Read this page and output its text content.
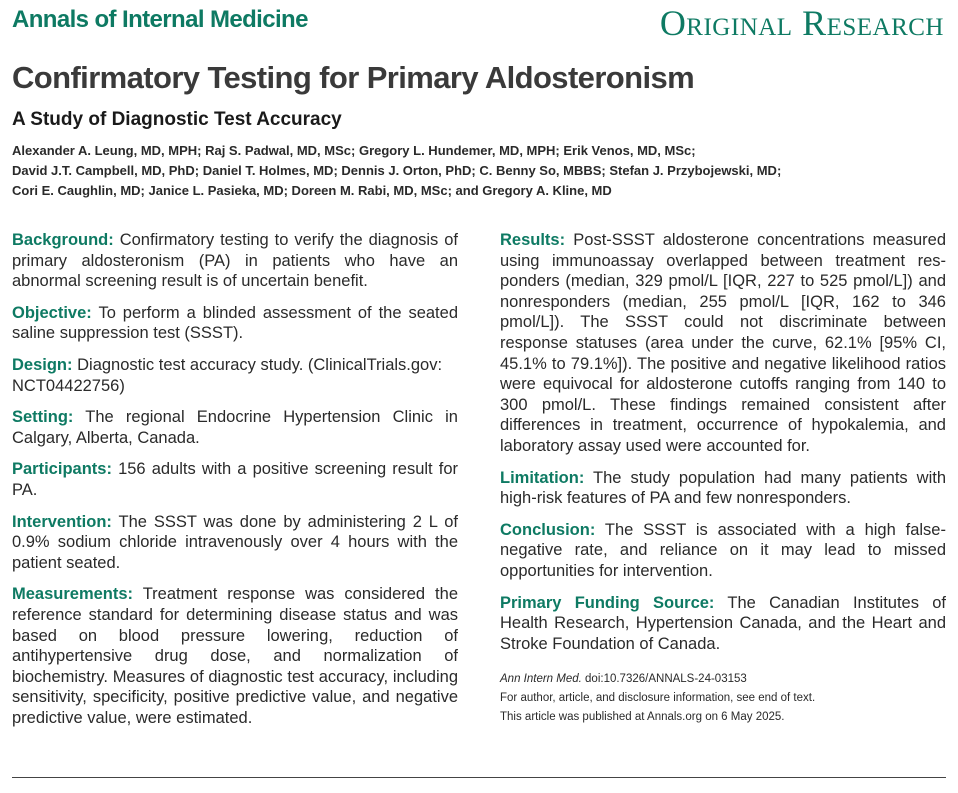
Annals of Internal Medicine	Original Research
Confirmatory Testing for Primary Aldosteronism
A Study of Diagnostic Test Accuracy
Alexander A. Leung, MD, MPH; Raj S. Padwal, MD, MSc; Gregory L. Hundemer, MD, MPH; Erik Venos, MD, MSc;
David J.T. Campbell, MD, PhD; Daniel T. Holmes, MD; Dennis J. Orton, PhD; C. Benny So, MBBS; Stefan J. Przybojewski, MD;
Cori E. Caughlin, MD; Janice L. Pasieka, MD; Doreen M. Rabi, MD, MSc; and Gregory A. Kline, MD

Background: Confirmatory testing to verify the diagnosis of primary aldosteronism (PA) in patients who have an abnormal screening result is of uncertain benefit.

Objective: To perform a blinded assessment of the seated saline suppression test (SSST).

Design: Diagnostic test accuracy study. (ClinicalTrials.gov: NCT04422756)

Setting: The regional Endocrine Hypertension Clinic in Calgary, Alberta, Canada.

Participants: 156 adults with a positive screening result for PA.

Intervention: The SSST was done by administering 2 L of 0.9% sodium chloride intravenously over 4 hours with the patient seated.

Measurements: Treatment response was considered the reference standard for determining disease status and was based on blood pressure lowering, reduction of antihypertensive drug dose, and normalization of biochemistry. Measures of diagnostic test accuracy, including sensitivity, specificity, positive predictive value, and negative predictive value, were estimated.

Results: Post-SSST aldosterone concentrations measured using immunoassay overlapped between treatment responders (median, 329 pmol/L [IQR, 227 to 525 pmol/L]) and nonresponders (median, 255 pmol/L [IQR, 162 to 346 pmol/L]). The SSST could not discriminate between response statuses (area under the curve, 62.1% [95% CI, 45.1% to 79.1%]). The positive and negative likelihood ratios were equivocal for aldosterone cutoffs ranging from 140 to 300 pmol/L. These findings remained consistent after differences in treatment, occurrence of hypokalemia, and laboratory assay used were accounted for.

Limitation: The study population had many patients with high-risk features of PA and few nonresponders.

Conclusion: The SSST is associated with a high false-negative rate, and reliance on it may lead to missed opportunities for intervention.

Primary Funding Source: The Canadian Institutes of Health Research, Hypertension Canada, and the Heart and Stroke Foundation of Canada.

Ann Intern Med. doi:10.7326/ANNALS-24-03153
For author, article, and disclosure information, see end of text.
This article was published at Annals.org on 6 May 2025.
